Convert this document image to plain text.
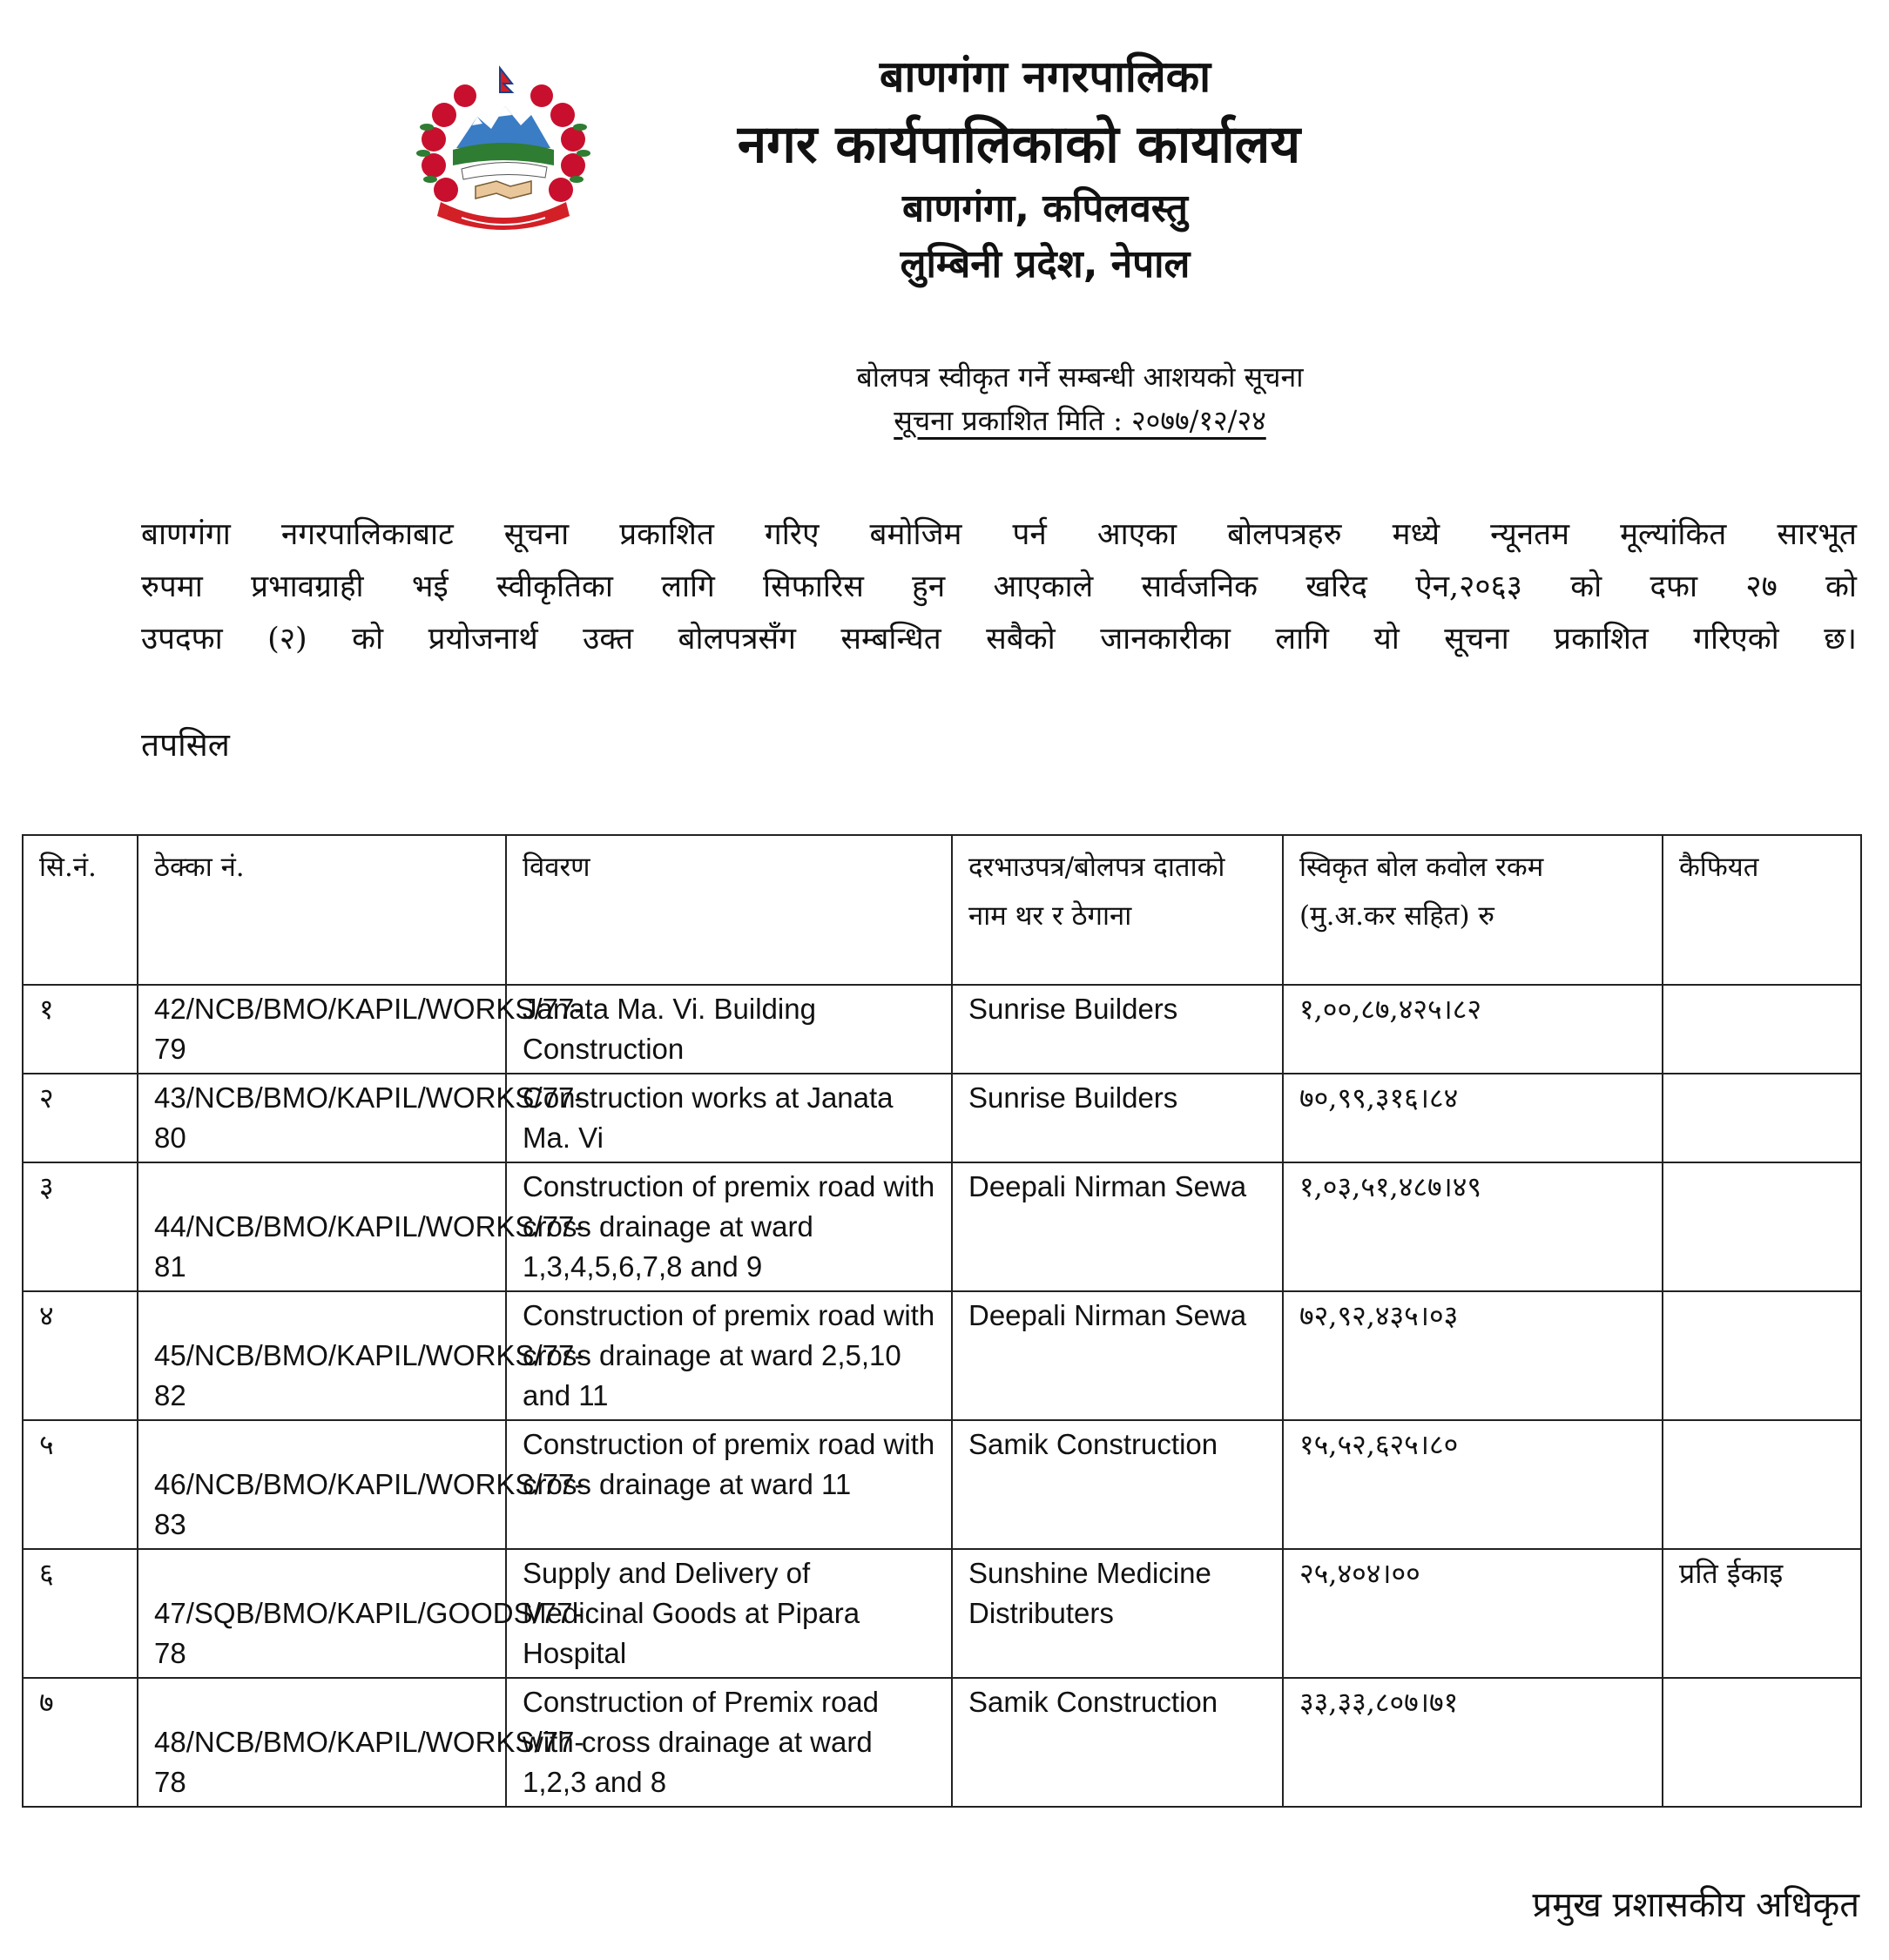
बाणगंगा नगरपालिका
नगर कार्यपालिकाको कार्यालय
बाणगंगा, कपिलवस्तु
लुम्बिनी प्रदेश, नेपाल
बोलपत्र स्वीकृत गर्ने सम्बन्धी आशयको सूचना
सूचना प्रकाशित मिति : २०७७/१२/२४
बाणगंगा नगरपालिकाबाट सूचना प्रकाशित गरिए बमोजिम पर्न आएका बोलपत्रहरु मध्ये न्यूनतम मूल्यांकित सारभूत
रुपमा प्रभावग्राही भई स्वीकृतिका लागि सिफारिस हुन आएकाले सार्वजनिक खरिद ऐन,२०६३ को दफा २७ को
उपदफा (२) को प्रयोजनार्थ उक्त बोलपत्रसँग सम्बन्धित सबैको जानकारीका लागि यो सूचना प्रकाशित गरिएको छ।
तपसिल
सि.नं.	ठेक्का नं.	विवरण	दरभाउपत्र/बोलपत्र दाताको नाम थर र ठेगाना	स्विकृत बोल कवोल रकम (मु.अ.कर सहित) रु	कैफियत
१	42/NCB/BMO/KAPIL/WORKS/77-79	Janata Ma. Vi. Building Construction	Sunrise Builders	१,००,८७,४२५।८२	
२	43/NCB/BMO/KAPIL/WORKS/77-80	Construction works at Janata Ma. Vi	Sunrise Builders	७०,९९,३१६।८४	
३	44/NCB/BMO/KAPIL/WORKS/77-81	Construction of premix road with cross drainage at ward 1,3,4,5,6,7,8 and 9	Deepali Nirman Sewa	१,०३,५१,४८७।४९	
४	45/NCB/BMO/KAPIL/WORKS/77-82	Construction of premix road with cross drainage at ward 2,5,10 and 11	Deepali Nirman Sewa	७२,९२,४३५।०३	
५	46/NCB/BMO/KAPIL/WORKS/77-83	Construction of premix road with cross drainage at ward 11	Samik Construction	१५,५२,६२५।८०	
६	47/SQB/BMO/KAPIL/GOODS/77-78	Supply and Delivery of Medicinal Goods at Pipara Hospital	Sunshine Medicine Distributers	२५,४०४।००	प्रति ईकाइ
७	48/NCB/BMO/KAPIL/WORKS/77-78	Construction of Premix road with cross drainage at ward 1,2,3 and 8	Samik Construction	३३,३३,८०७।७१	
प्रमुख प्रशासकीय अधिकृत
